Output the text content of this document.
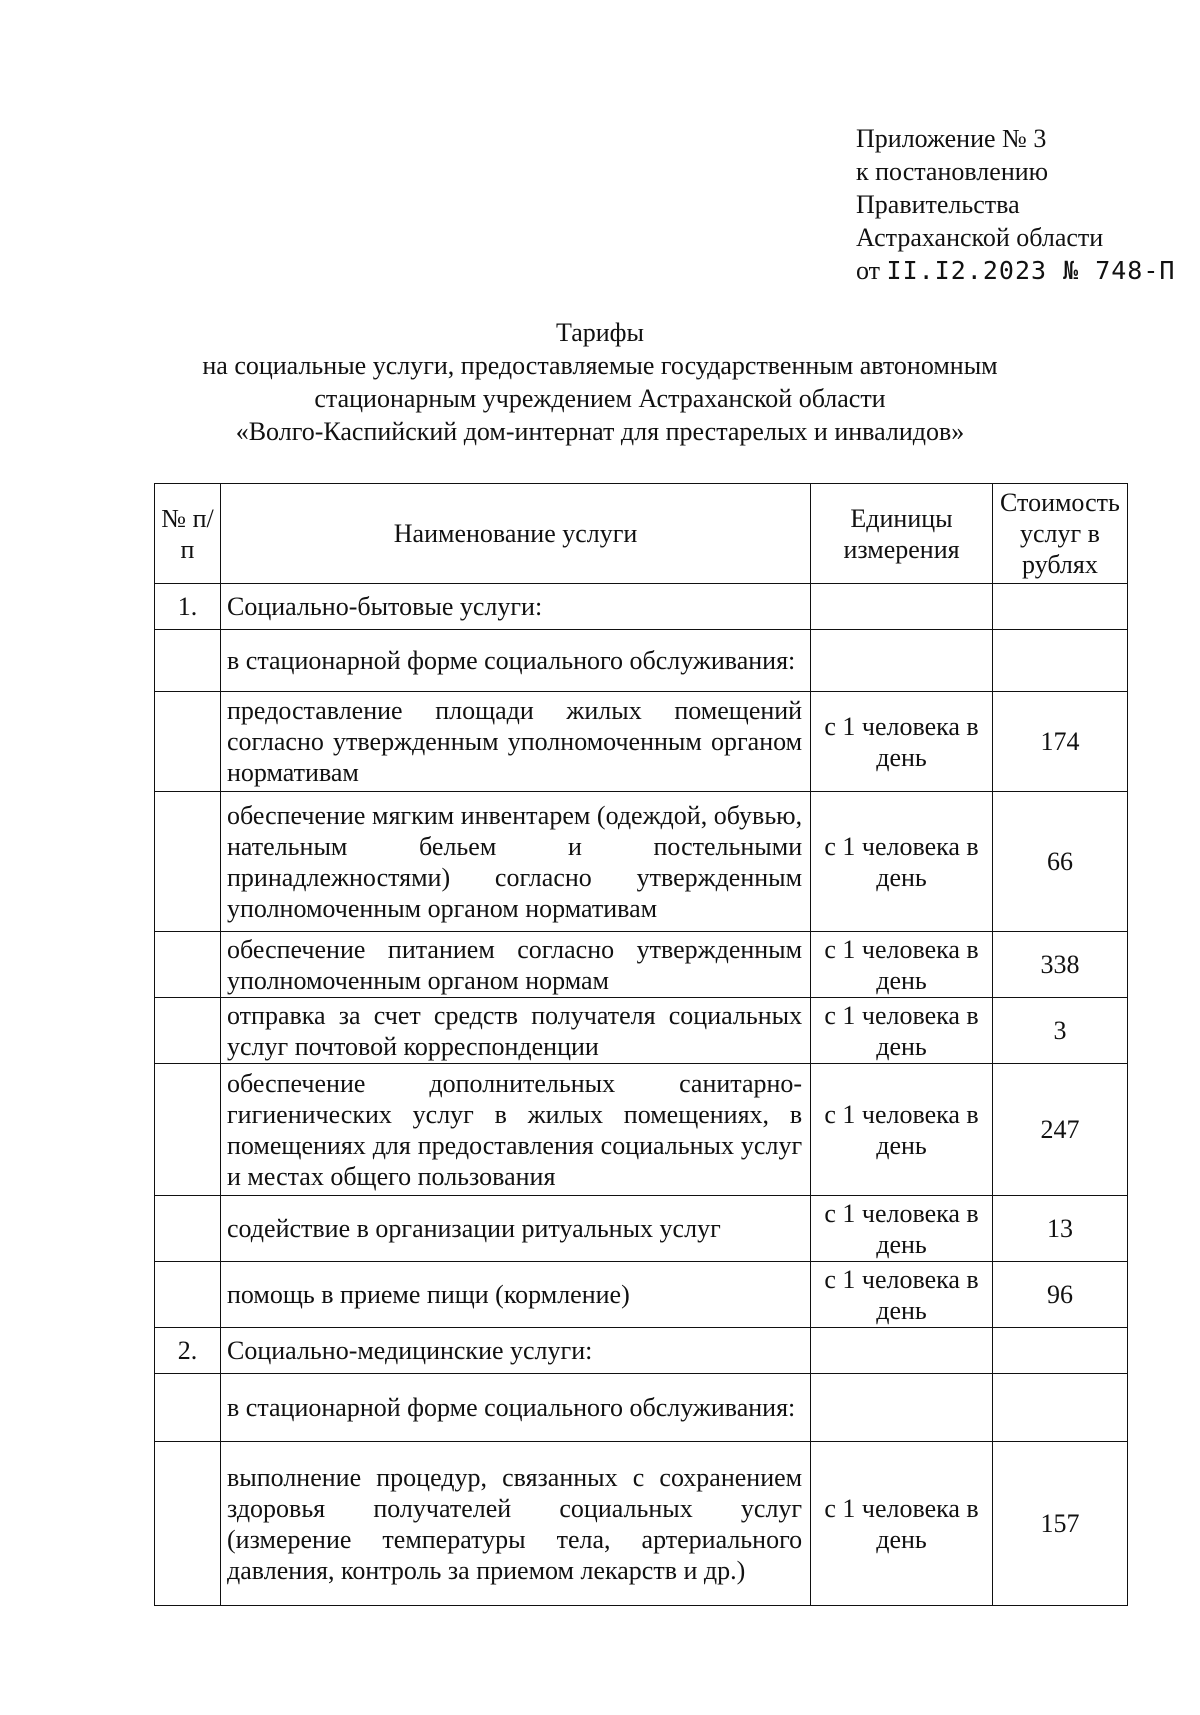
Приложение № 3
к постановлению
Правительства
Астраханской области
от II.I2.2023 № 748-П
Тарифы
на социальные услуги, предоставляемые государственным автономным
стационарным учреждением Астраханской области
«Волго-Каспийский дом-интернат для престарелых и инвалидов»
№ п/п	Наименование услуги	Единицы измерения	Стоимость услуг в рублях
1.	Социально-бытовые услуги:		
	в стационарной форме социального обслуживания:		
	предоставление площади жилых помещений согласно утвержденным уполномоченным органом нормативам	с 1 человека в день	174
	обеспечение мягким инвентарем (одеждой, обувью, нательным бельем и постельными принадлежностями) согласно утвержденным уполномоченным органом нормативам	с 1 человека в день	66
	обеспечение питанием согласно утвержденным уполномоченным органом нормам	с 1 человека в день	338
	отправка за счет средств получателя социальных услуг почтовой корреспонденции	с 1 человека в день	3
	обеспечение дополнительных санитарно-гигиенических услуг в жилых помещениях, в помещениях для предоставления социальных услуг и местах общего пользования	с 1 человека в день	247
	содействие в организации ритуальных услуг	с 1 человека в день	13
	помощь в приеме пищи (кормление)	с 1 человека в день	96
2.	Социально-медицинские услуги:		
	в стационарной форме социального обслуживания:		
	выполнение процедур, связанных с сохранением здоровья получателей социальных услуг (измерение температуры тела, артериального давления, контроль за приемом лекарств и др.)	с 1 человека в день	157
